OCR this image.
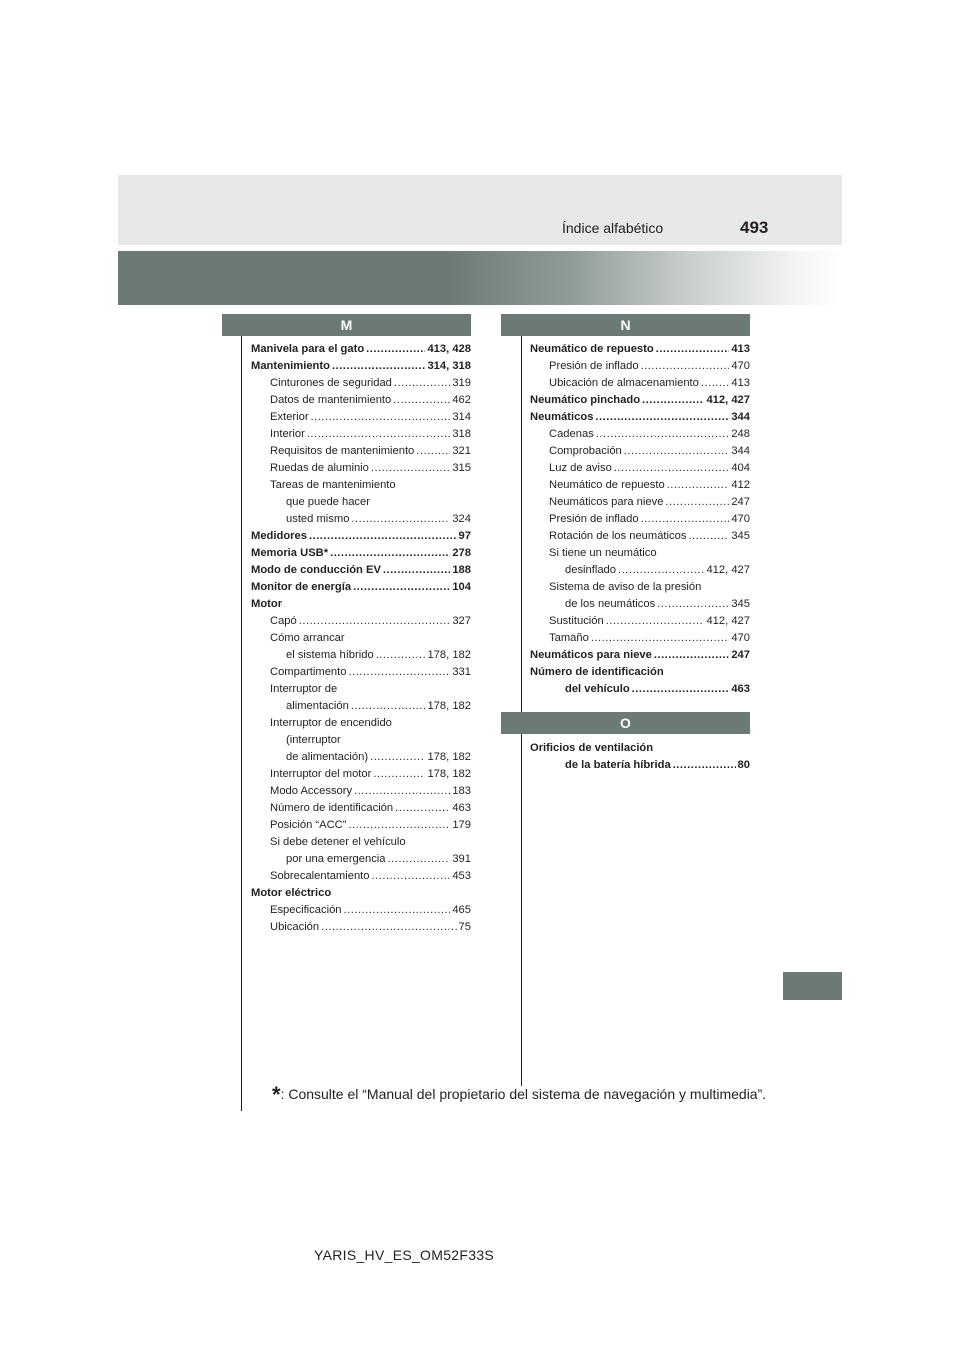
Índice alfabético	493
M	N
O
Manivela para el gato .....	413, 428
Mantenimiento .....	314, 318
Cinturones de seguridad .....	319
Datos de mantenimiento .....	462
Exterior .....	314
Interior .....	318
Requisitos de mantenimiento .....	321
Ruedas de aluminio .....	315
Tareas de mantenimiento
que puede hacer
usted mismo .....	324
Medidores .....	97
Memoria USB* .....	278
Modo de conducción EV .....	188
Monitor de energía .....	104
Motor
Capó .....	327
Cómo arrancar
el sistema híbrido .....	178, 182
Compartimento .....	331
Interruptor de
alimentación .....	178, 182
Interruptor de encendido
(interruptor
de alimentación) .....	178, 182
Interruptor del motor .....	178, 182
Modo Accessory .....	183
Número de identificación .....	463
Posición “ACC” .....	179
Si debe detener el vehículo
por una emergencia .....	391
Sobrecalentamiento .....	453
Motor eléctrico
Especificación .....	465
Ubicación .....	75
Neumático de repuesto .....	413
Presión de inflado .....	470
Ubicación de almacenamiento .....	413
Neumático pinchado .....	412, 427
Neumáticos .....	344
Cadenas .....	248
Comprobación .....	344
Luz de aviso .....	404
Neumático de repuesto .....	412
Neumáticos para nieve .....	247
Presión de inflado .....	470
Rotación de los neumáticos .....	345
Si tiene un neumático
desinflado .....	412, 427
Sistema de aviso de la presión
de los neumáticos .....	345
Sustitución .....	412, 427
Tamaño .....	470
Neumáticos para nieve .....	247
Número de identificación
del vehículo .....	463
Orificios de ventilación
de la batería híbrida .....	80
*: Consulte el “Manual del propietario del sistema de navegación y multimedia”.
YARIS_HV_ES_OM52F33S
